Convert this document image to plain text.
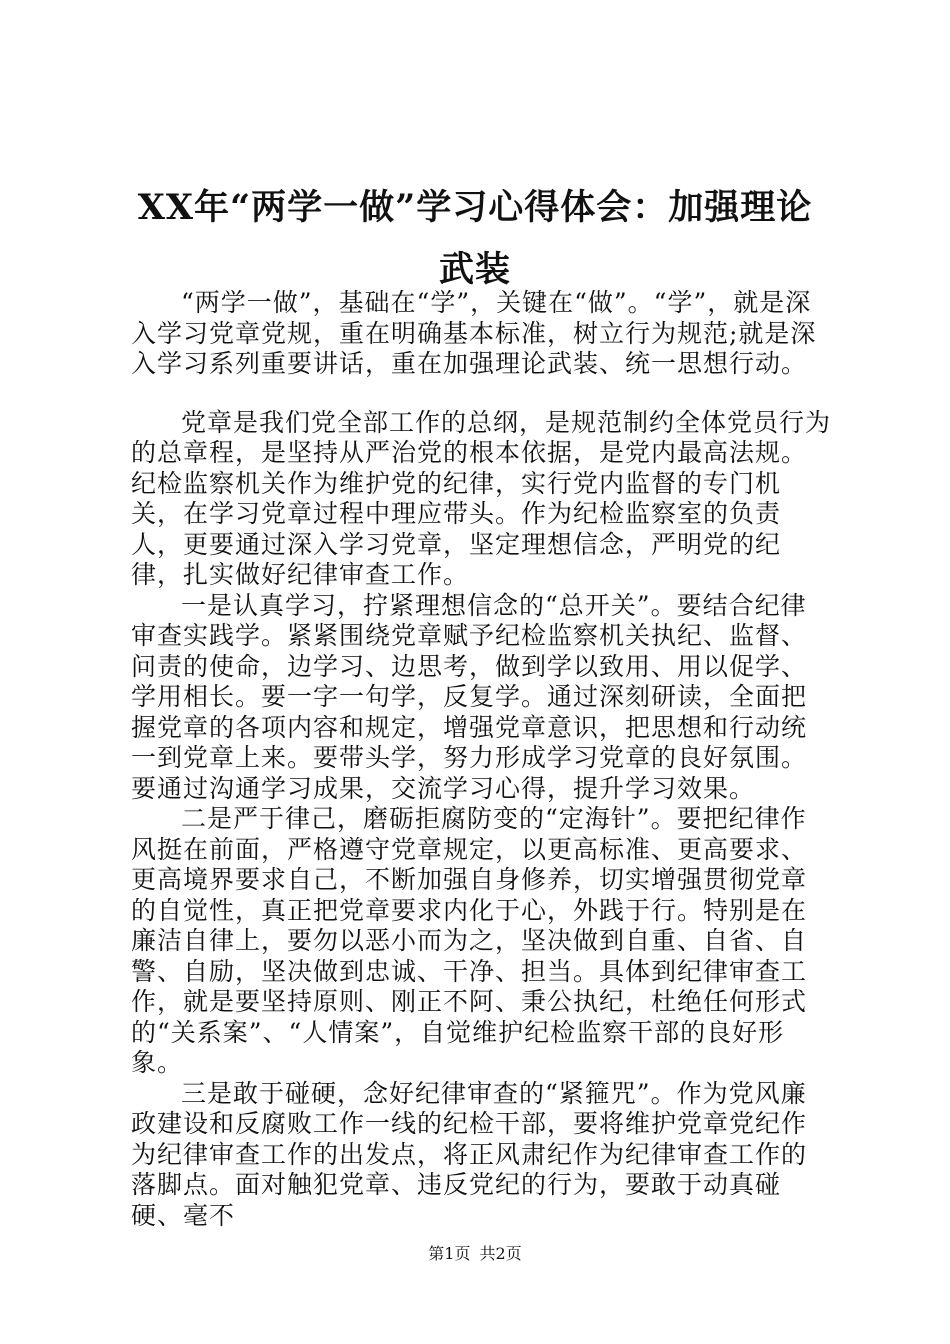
XX年“两学一做”学习心得体会：加强理论
武装

“两学一做”，基础在“学”，关键在“做”。“学”，就是深入学习党章党规，重在明确基本标准，树立行为规范;就是深入学习系列重要讲话，重在加强理论武装、统一思想行动。

党章是我们党全部工作的总纲，是规范制约全体党员行为的总章程，是坚持从严治党的根本依据，是党内最高法规。纪检监察机关作为维护党的纪律，实行党内监督的专门机关，在学习党章过程中理应带头。作为纪检监察室的负责人，更要通过深入学习党章，坚定理想信念，严明党的纪律，扎实做好纪律审查工作。

一是认真学习，拧紧理想信念的“总开关”。要结合纪律审查实践学。紧紧围绕党章赋予纪检监察机关执纪、监督、问责的使命，边学习、边思考，做到学以致用、用以促学、学用相长。要一字一句学，反复学。通过深刻研读，全面把握党章的各项内容和规定，增强党章意识，把思想和行动统一到党章上来。要带头学，努力形成学习党章的良好氛围。要通过沟通学习成果，交流学习心得，提升学习效果。

二是严于律己，磨砺拒腐防变的“定海针”。要把纪律作风挺在前面，严格遵守党章规定，以更高标准、更高要求、更高境界要求自己，不断加强自身修养，切实增强贯彻党章的自觉性，真正把党章要求内化于心，外践于行。特别是在廉洁自律上，要勿以恶小而为之，坚决做到自重、自省、自警、自励，坚决做到忠诚、干净、担当。具体到纪律审查工作，就是要坚持原则、刚正不阿、秉公执纪，杜绝任何形式的“关系案”、“人情案”，自觉维护纪检监察干部的良好形象。

三是敢于碰硬，念好纪律审查的“紧箍咒”。作为党风廉政建设和反腐败工作一线的纪检干部，要将维护党章党纪作为纪律审查工作的出发点，将正风肃纪作为纪律审查工作的落脚点。面对触犯党章、违反党纪的行为，要敢于动真碰硬、毫不

第1页 共2页
